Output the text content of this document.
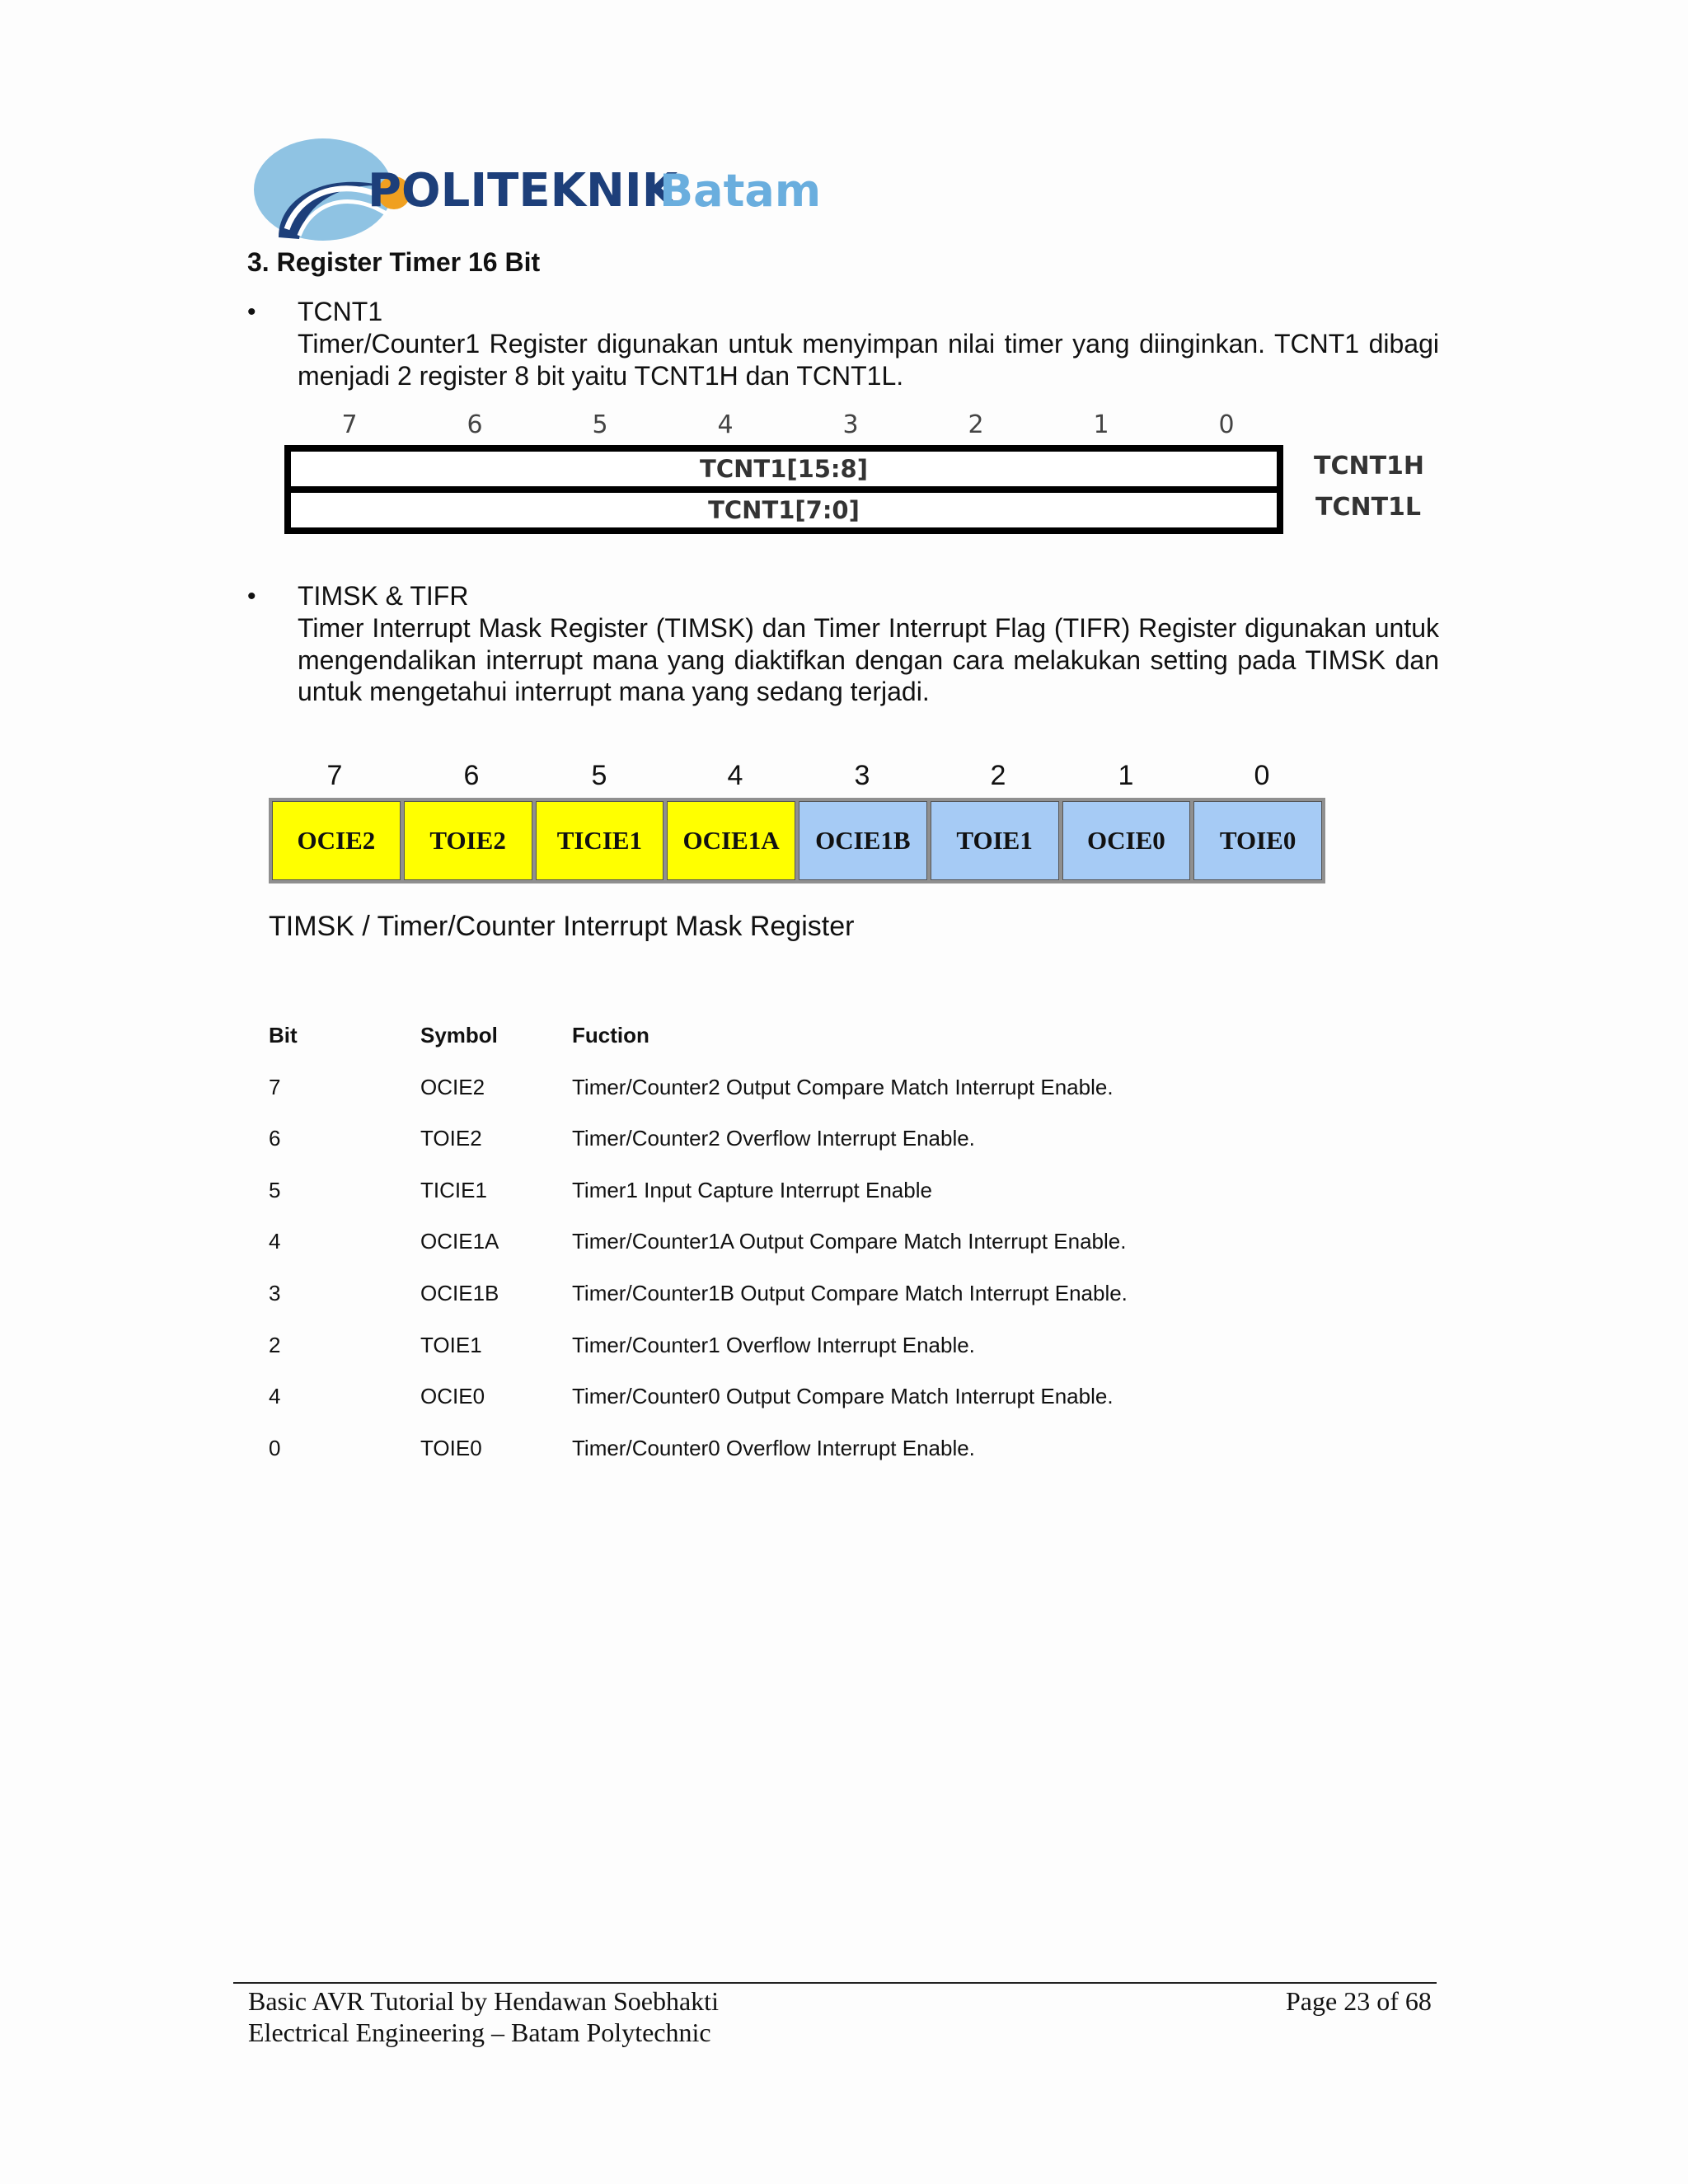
POLITEKNIK
Batam
3. Register Timer 16 Bit
• TCNT1
Timer/Counter1 Register digunakan untuk menyimpan nilai timer yang diinginkan. TCNT1 dibagi menjadi 2 register 8 bit yaitu TCNT1H dan TCNT1L.
7	6	5	4	3	2	1	0
TCNT1[15:8]
TCNT1[7:0]
TCNT1H
TCNT1L
• TIMSK & TIFR
Timer Interrupt Mask Register (TIMSK) dan Timer Interrupt Flag (TIFR) Register digunakan untuk mengendalikan interrupt mana yang diaktifkan dengan cara melakukan setting pada TIMSK dan untuk mengetahui interrupt mana yang sedang terjadi.
7	6	5	4	3	2	1	0
OCIE2	TOIE2	TICIE1	OCIE1A	OCIE1B	TOIE1	OCIE0	TOIE0
TIMSK / Timer/Counter Interrupt Mask Register
Bit	Symbol	Fuction
7	OCIE2	Timer/Counter2 Output Compare Match Interrupt Enable.
6	TOIE2	Timer/Counter2 Overflow Interrupt Enable.
5	TICIE1	Timer1 Input Capture Interrupt Enable
4	OCIE1A	Timer/Counter1A Output Compare Match Interrupt Enable.
3	OCIE1B	Timer/Counter1B Output Compare Match Interrupt Enable.
2	TOIE1	Timer/Counter1 Overflow Interrupt Enable.
4	OCIE0	Timer/Counter0 Output Compare Match Interrupt Enable.
0	TOIE0	Timer/Counter0 Overflow Interrupt Enable.
Basic AVR Tutorial by Hendawan Soebhakti
Electrical Engineering – Batam Polytechnic
Page 23 of 68
